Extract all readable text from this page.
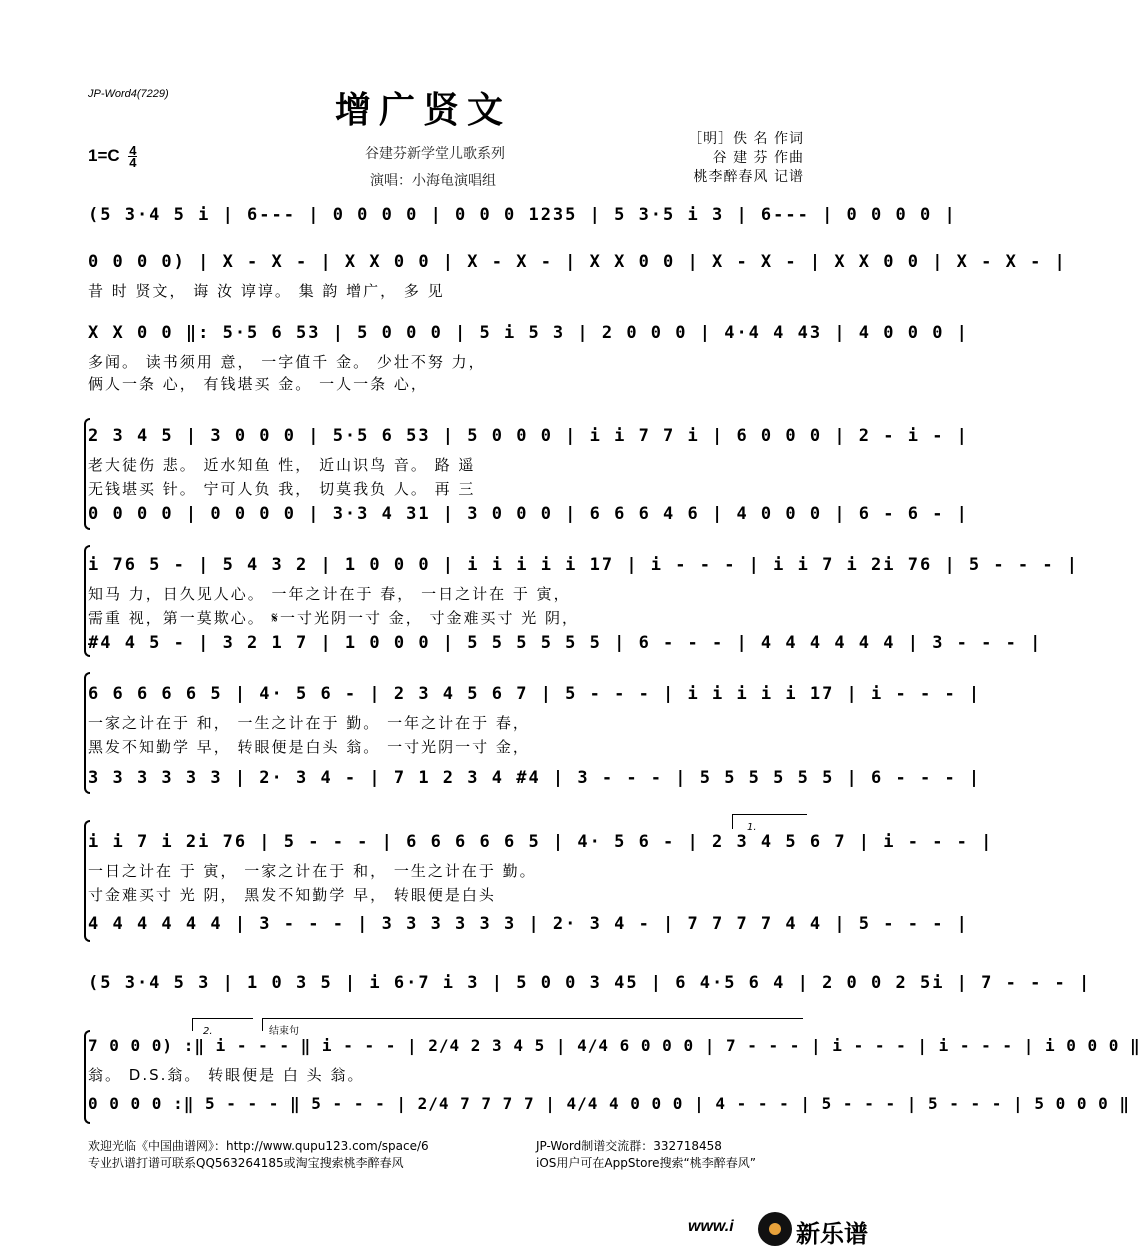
JP-Word4(7229)	增广贤文
谷建芬新学堂儿歌系列
演唱：小海龟演唱组
$1=C \frac{4}{4}$
［明］佚 名 作词
谷 建 芬 作曲
桃李醉春风 记谱
(5 3·4 5 i | 6--- | 0 0 0 0 | 0 0 0 1235 | 5 3·5 i 3 | 6--- | 0 0 0 0 |
0 0 0 0) | X - X - | X X 0 0 | X - X - | X X 0 0 | X - X - | X X 0 0 | X - X - |
昔 时 贤文， 诲 汝 谆谆。 集 韵 增广， 多 见
X X 0 0 ‖: 5·5 6 53 | 5 0 0 0 | 5 i 5 3 | 2 0 0 0 | 4·4 4 43 | 4 0 0 0 |
多闻。 读书须用 意， 一字值千 金。 少壮不努 力，
俩人一条 心， 有钱堪买 金。 一人一条 心，
2 3 4 5 | 3 0 0 0 | 5·5 6 53 | 5 0 0 0 | i i 7 7 i | 6 0 0 0 | 2 - i - |
老大徒伤 悲。 近水知鱼 性， 近山识鸟 音。 路 遥
无钱堪买 针。 宁可人负 我， 切莫我负 人。 再 三
0 0 0 0 | 0 0 0 0 | 3·3 4 31 | 3 0 0 0 | 6 6 6 4 6 | 4 0 0 0 | 6 - 6 - |
i 76 5 - | 5 4 3 2 | 1 0 0 0 | i i i i i 17 | i - - - | i i 7 i 2i 76 | 5 - - - |
知马 力，日久见人心。 一年之计在于 春， 一日之计在 于 寅，
需重 视，第一莫欺心。 𝄋一寸光阴一寸 金， 寸金难买寸 光 阴，
#4 4 5 - | 3 2 1 7 | 1 0 0 0 | 5 5 5 5 5 5 | 6 - - - | 4 4 4 4 4 4 | 3 - - - |
6 6 6 6 6 5 | 4· 5 6 - | 2 3 4 5 6 7 | 5 - - - | i i i i i 17 | i - - - |
一家之计在于 和， 一生之计在于 勤。 一年之计在于 春，
黑发不知勤学 早， 转眼便是白头 翁。 一寸光阴一寸 金，
3 3 3 3 3 3 | 2· 3 4 - | 7 1 2 3 4 #4 | 3 - - - | 5 5 5 5 5 5 | 6 - - - |
1.
i i 7 i 2i 76 | 5 - - - | 6 6 6 6 6 5 | 4· 5 6 - | 2 3 4 5 6 7 | i - - - |
一日之计在 于 寅， 一家之计在于 和， 一生之计在于 勤。
寸金难买寸 光 阴， 黑发不知勤学 早， 转眼便是白头
4 4 4 4 4 4 | 3 - - - | 3 3 3 3 3 3 | 2· 3 4 - | 7 7 7 7 4 4 | 5 - - - |
(5 3·4 5 3 | 1 0 3 5 | i 6·7 i 3 | 5 0 0 3 45 | 6 4·5 6 4 | 2 0 0 2 5i | 7 - - - |
2.	结束句
7 0 0 0) :‖ i - - - ‖ i - - - | 2/4 2 3 4 5 | 4/4 6 0 0 0 | 7 - - - | i - - - | i - - - | i 0 0 0 ‖
翁。 D.S.翁。 转眼便是 白 头 翁。
0 0 0 0 :‖ 5 - - - ‖ 5 - - - | 2/4 7 7 7 7 | 4/4 4 0 0 0 | 4 - - - | 5 - - - | 5 - - - | 5 0 0 0 ‖
欢迎光临《中国曲谱网》：http://www.qupu123.com/space/6
专业扒谱打谱可联系QQ563264185或淘宝搜索桃李醉春风
JP-Word制谱交流群：332718458
iOS用户可在AppStore搜索“桃李醉春风”
www.i	新乐谱
